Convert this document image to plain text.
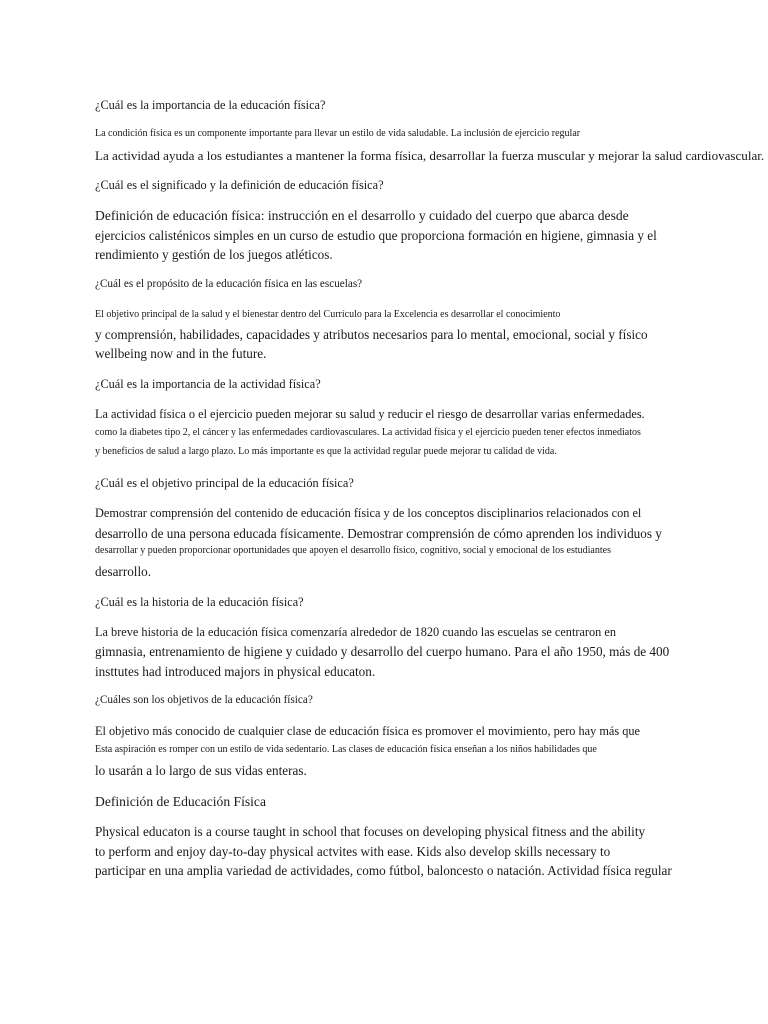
¿Cuál es la importancia de la educación física?
La condición física es un componente importante para llevar un estilo de vida saludable. La inclusión de ejercicio regular
La actividad ayuda a los estudiantes a mantener la forma física, desarrollar la fuerza muscular y mejorar la salud cardiovascular.
¿Cuál es el significado y la definición de educación física?
Definición de educación física: instrucción en el desarrollo y cuidado del cuerpo que abarca desde
ejercicios calisténicos simples en un curso de estudio que proporciona formación en higiene, gimnasia y el
rendimiento y gestión de los juegos atléticos.
¿Cuál es el propósito de la educación física en las escuelas?
El objetivo principal de la salud y el bienestar dentro del Currículo para la Excelencia es desarrollar el conocimiento
y comprensión, habilidades, capacidades y atributos necesarios para lo mental, emocional, social y físico
wellbeing now and in the future.
¿Cuál es la importancia de la actividad física?
La actividad física o el ejercicio pueden mejorar su salud y reducir el riesgo de desarrollar varias enfermedades.
como la diabetes tipo 2, el cáncer y las enfermedades cardiovasculares. La actividad física y el ejercicio pueden tener efectos inmediatos
y beneficios de salud a largo plazo. Lo más importante es que la actividad regular puede mejorar tu calidad de vida.
¿Cuál es el objetivo principal de la educación física?
Demostrar comprensión del contenido de educación física y de los conceptos disciplinarios relacionados con el
desarrollo de una persona educada físicamente. Demostrar comprensión de cómo aprenden los individuos y
desarrollar y pueden proporcionar oportunidades que apoyen el desarrollo físico, cognitivo, social y emocional de los estudiantes
desarrollo.
¿Cuál es la historia de la educación física?
La breve historia de la educación física comenzaría alrededor de 1820 cuando las escuelas se centraron en
gimnasia, entrenamiento de higiene y cuidado y desarrollo del cuerpo humano. Para el año 1950, más de 400
insttutes had introduced majors in physical educaton.
¿Cuáles son los objetivos de la educación física?
El objetivo más conocido de cualquier clase de educación física es promover el movimiento, pero hay más que
Esta aspiración es romper con un estilo de vida sedentario. Las clases de educación física enseñan a los niños habilidades que
lo usarán a lo largo de sus vidas enteras.
Definición de Educación Física
Physical educaton is a course taught in school that focuses on developing physical fitness and the ability
to perform and enjoy day-to-day physical actvites with ease. Kids also develop skills necessary to
participar en una amplia variedad de actividades, como fútbol, baloncesto o natación. Actividad física regular
